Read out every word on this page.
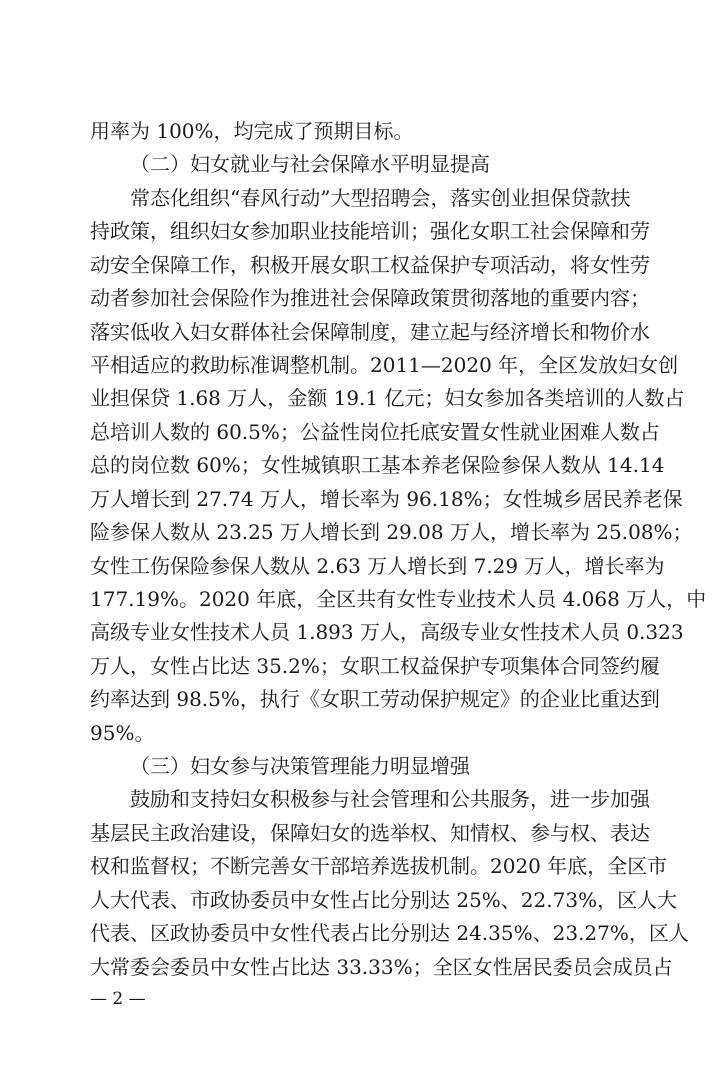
用率为 100%，均完成了预期目标。
（二）妇女就业与社会保障水平明显提高
常态化组织“春风行动”大型招聘会，落实创业担保贷款扶
持政策，组织妇女参加职业技能培训；强化女职工社会保障和劳
动安全保障工作，积极开展女职工权益保护专项活动，将女性劳
动者参加社会保险作为推进社会保障政策贯彻落地的重要内容；
落实低收入妇女群体社会保障制度，建立起与经济增长和物价水
平相适应的救助标准调整机制。2011—2020 年，全区发放妇女创
业担保贷 1.68 万人，金额 19.1 亿元；妇女参加各类培训的人数占
总培训人数的 60.5%；公益性岗位托底安置女性就业困难人数占
总的岗位数 60%；女性城镇职工基本养老保险参保人数从 14.14
万人增长到 27.74 万人，增长率为 96.18%；女性城乡居民养老保
险参保人数从 23.25 万人增长到 29.08 万人，增长率为 25.08%；
女性工伤保险参保人数从 2.63 万人增长到 7.29 万人，增长率为
177.19%。2020 年底，全区共有女性专业技术人员 4.068 万人，中
高级专业女性技术人员 1.893 万人，高级专业女性技术人员 0.323
万人，女性占比达 35.2%；女职工权益保护专项集体合同签约履
约率达到 98.5%，执行《女职工劳动保护规定》的企业比重达到
95%。
（三）妇女参与决策管理能力明显增强
鼓励和支持妇女积极参与社会管理和公共服务，进一步加强
基层民主政治建设，保障妇女的选举权、知情权、参与权、表达
权和监督权；不断完善女干部培养选拔机制。2020 年底，全区市
人大代表、市政协委员中女性占比分别达 25%、22.73%，区人大
代表、区政协委员中女性代表占比分别达 24.35%、23.27%，区人
大常委会委员中女性占比达 33.33%；全区女性居民委员会成员占
— 2 —
